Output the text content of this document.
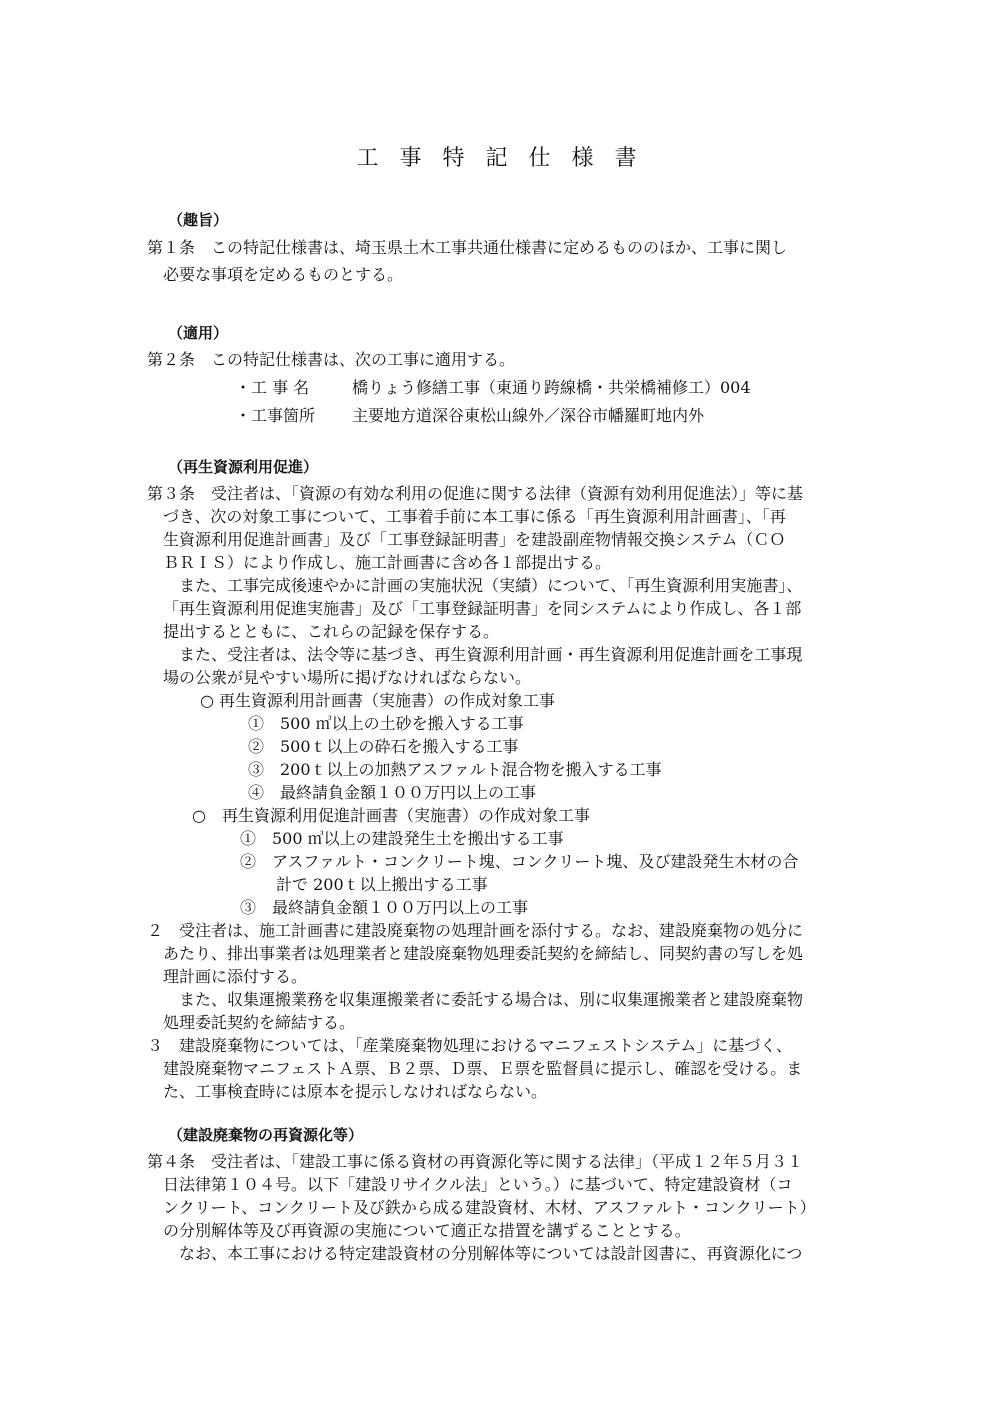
工 事 特 記 仕 様 書
（趣旨）
第１条　この特記仕様書は、埼玉県土木工事共通仕様書に定めるもののほか、工事に関し
必要な事項を定めるものとする。
（適用）
第２条　この特記仕様書は、次の工事に適用する。
・工 事 名	橋りょう修繕工事（東通り跨線橋・共栄橋補修工）004
・工事箇所 主要地方道深谷東松山線外／深谷市幡羅町地内外
（再生資源利用促進）
第３条　受注者は、「資源の有効な利用の促進に関する法律（資源有効利用促進法）」等に基
づき、次の対象工事について、工事着手前に本工事に係る「再生資源利用計画書」、「再
生資源利用促進計画書」及び「工事登録証明書」を建設副産物情報交換システム（ＣＯ
ＢＲＩＳ）により作成し、施工計画書に含め各１部提出する。
　また、工事完成後速やかに計画の実施状況（実績）について、「再生資源利用実施書」、
「再生資源利用促進実施書」及び「工事登録証明書」を同システムにより作成し、各１部
提出するとともに、これらの記録を保存する。
　また、受注者は、法令等に基づき、再生資源利用計画・再生資源利用促進計画を工事現
場の公衆が見やすい場所に掲げなければならない。
○ 再生資源利用計画書（実施書）の作成対象工事
①　500 ㎥以上の土砂を搬入する工事
②　500ｔ以上の砕石を搬入する工事
③　200ｔ以上の加熱アスファルト混合物を搬入する工事
④　最終請負金額１００万円以上の工事
○　再生資源利用促進計画書（実施書）の作成対象工事
①　500 ㎥以上の建設発生土を搬出する工事
②　アスファルト・コンクリート塊、コンクリート塊、及び建設発生木材の合
計で 200ｔ以上搬出する工事
③　最終請負金額１００万円以上の工事
２　受注者は、施工計画書に建設廃棄物の処理計画を添付する。なお、建設廃棄物の処分に
あたり、排出事業者は処理業者と建設廃棄物処理委託契約を締結し、同契約書の写しを処
理計画に添付する。
　また、収集運搬業務を収集運搬業者に委託する場合は、別に収集運搬業者と建設廃棄物
処理委託契約を締結する。
３　建設廃棄物については、「産業廃棄物処理におけるマニフェストシステム」に基づく、
建設廃棄物マニフェストＡ票、Ｂ２票、Ｄ票、Ｅ票を監督員に提示し、確認を受ける。ま
た、工事検査時には原本を提示しなければならない。
（建設廃棄物の再資源化等）
第４条　受注者は、「建設工事に係る資材の再資源化等に関する法律」（平成１２年５月３１
日法律第１０４号。以下「建設リサイクル法」という。）に基づいて、特定建設資材（コ
ンクリート、コンクリート及び鉄から成る建設資材、木材、アスファルト・コンクリート）
の分別解体等及び再資源の実施について適正な措置を講ずることとする。
　なお、本工事における特定建設資材の分別解体等については設計図書に、再資源化につ
